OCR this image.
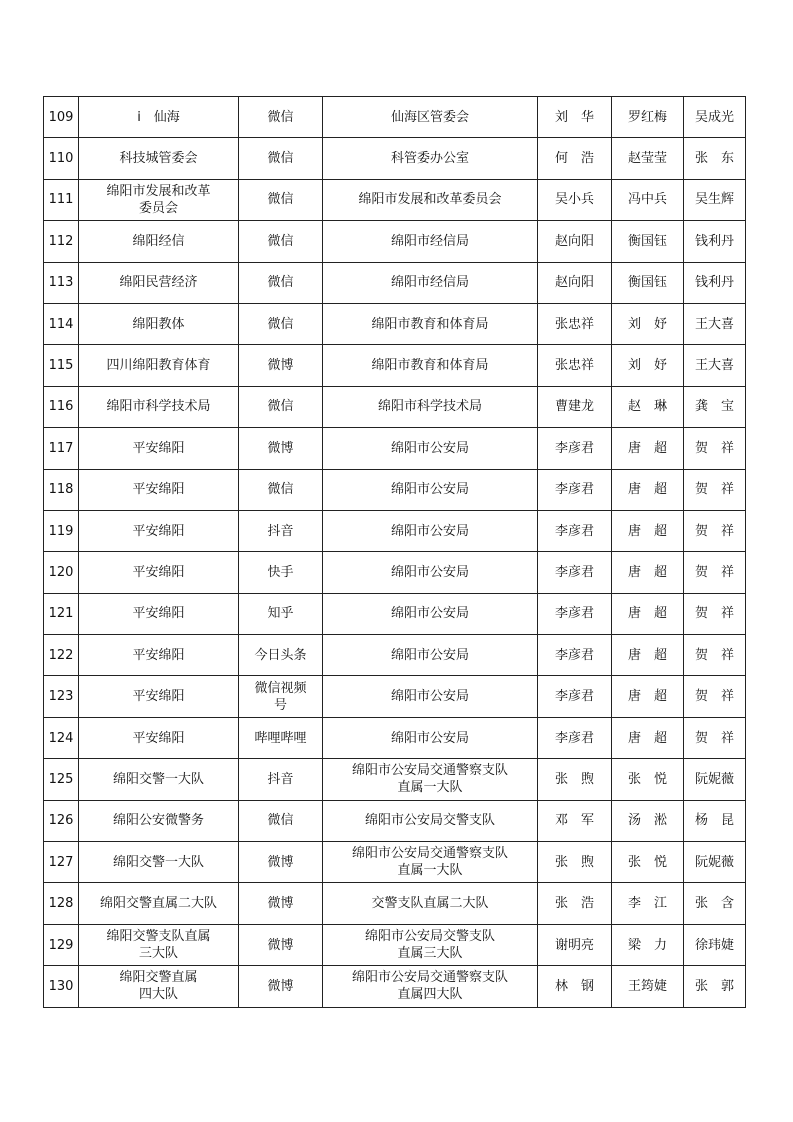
109	i　仙海	微信	仙海区管委会	刘　华	罗红梅	吴成光
110	科技城管委会	微信	科管委办公室	何　浩	赵莹莹	张　东
111	绵阳市发展和改革
委员会	微信	绵阳市发展和改革委员会	吴小兵	冯中兵	吴生辉
112	绵阳经信	微信	绵阳市经信局	赵向阳	衡国钰	钱利丹
113	绵阳民营经济	微信	绵阳市经信局	赵向阳	衡国钰	钱利丹
114	绵阳教体	微信	绵阳市教育和体育局	张忠祥	刘　妤	王大喜
115	四川绵阳教育体育	微博	绵阳市教育和体育局	张忠祥	刘　妤	王大喜
116	绵阳市科学技术局	微信	绵阳市科学技术局	曹建龙	赵　琳	龚　宝
117	平安绵阳	微博	绵阳市公安局	李彦君	唐　超	贺　祥
118	平安绵阳	微信	绵阳市公安局	李彦君	唐　超	贺　祥
119	平安绵阳	抖音	绵阳市公安局	李彦君	唐　超	贺　祥
120	平安绵阳	快手	绵阳市公安局	李彦君	唐　超	贺　祥
121	平安绵阳	知乎	绵阳市公安局	李彦君	唐　超	贺　祥
122	平安绵阳	今日头条	绵阳市公安局	李彦君	唐　超	贺　祥
123	平安绵阳	微信视频
号	绵阳市公安局	李彦君	唐　超	贺　祥
124	平安绵阳	哔哩哔哩	绵阳市公安局	李彦君	唐　超	贺　祥
125	绵阳交警一大队	抖音	绵阳市公安局交通警察支队
直属一大队	张　煦	张　悦	阮妮薇
126	绵阳公安微警务	微信	绵阳市公安局交警支队	邓　军	汤　淞	杨　昆
127	绵阳交警一大队	微博	绵阳市公安局交通警察支队
直属一大队	张　煦	张　悦	阮妮薇
128	绵阳交警直属二大队	微博	交警支队直属二大队	张　浩	李　江	张　含
129	绵阳交警支队直属
三大队	微博	绵阳市公安局交警支队
直属三大队	谢明亮	梁　力	徐玮婕
130	绵阳交警直属
四大队	微博	绵阳市公安局交通警察支队
直属四大队	林　钢	王筠婕	张　郭
